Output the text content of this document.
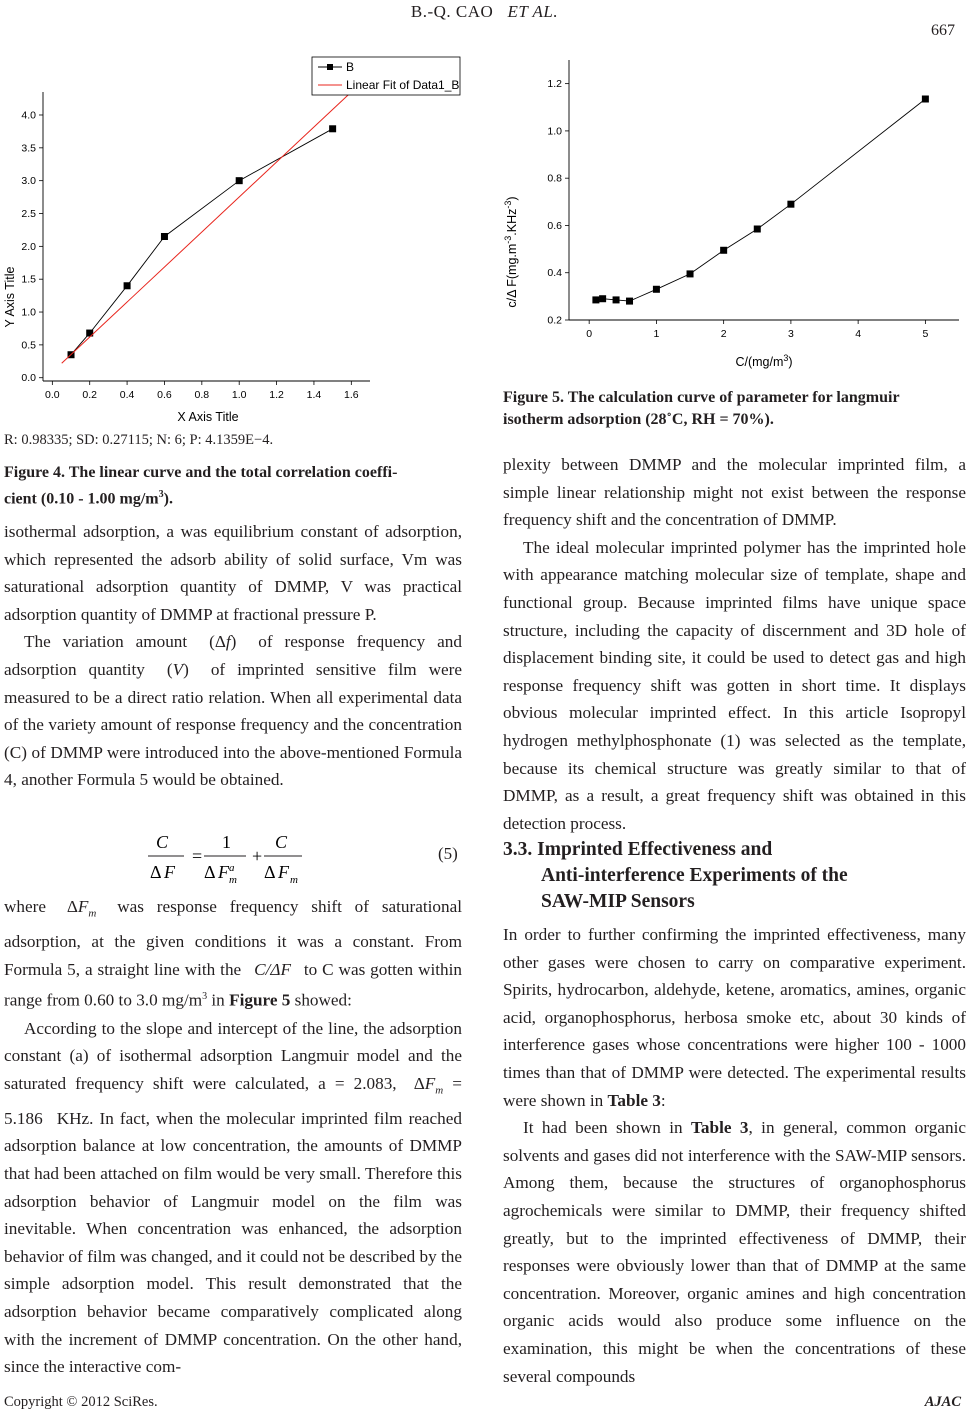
B.-Q. CAO ET AL.
667
0.0 0.2 0.4 0.6 0.8 1.0 1.2 1.4 1.6
0.0
0.5
1.0
1.5
2.0
2.5
3.0
3.5
4.0
B
Linear Fit of Data1_B
X Axis Title
Y Axis Title
R: 0.98335; SD: 0.27115; N: 6; P: 4.1359E−4.
Figure 4. The linear curve and the total correlation coeffi-
cient (0.10 - 1.00 $mg/m^3$).

isothermal adsorption, a was equilibrium constant of adsorption, which represented the adsorb ability of solid surface, Vm was saturational adsorption quantity of DMMP, V was practical adsorption quantity of DMMP at fractional pressure P.

The variation amount (Δf) of response frequency and adsorption quantity (V) of imprinted sensitive film were measured to be a direct ratio relation. When all experimental data of the variety amount of response frequency and the concentration (C) of DMMP were introduced into the above-mentioned Formula 4, another Formula 5 would be obtained.

C
Δ F
=
1
Δ F a
m
+
C
Δ F m
(5)

where $\Delta F_m$ was response frequency shift of saturational adsorption, at the given conditions it was a constant. From Formula 5, a straight line with the C/ΔF to C was gotten within range from 0.60 to 3.0 $mg/m^3$ in Figure 5 showed:

According to the slope and intercept of the line, the adsorption constant (a) of isothermal adsorption Langmuir model and the saturated frequency shift were calculated, a = 2.083, $\Delta F_m = 5.186$ KHz. In fact, when the molecular imprinted film reached adsorption balance at low concentration, the amounts of DMMP that had been attached on film would be very small. Therefore this adsorption behavior of Langmuir model on the film was inevitable. When concentration was enhanced, the adsorption behavior of film was changed, and it could not be described by the simple adsorption model. This result demonstrated that the adsorption behavior became comparatively complicated along with the increment of DMMP concentration. On the other hand, since the interactive com-

0	1	2	3	4	5
0.2
0.4
0.6
0.8
1.0
1.2
$C/(mg/m^3)$
c/Δ $F(mg.m^{-3}.KHz^{-3})$
Figure 5. The calculation curve of parameter for langmuir
isotherm adsorption (28˚C, RH = 70%).

plexity between DMMP and the molecular imprinted film, a simple linear relationship might not exist between the response frequency shift and the concentration of DMMP.

The ideal molecular imprinted polymer has the imprinted hole with appearance matching molecular size of template, shape and functional group. Because imprinted films have unique space structure, including the capacity of discernment and 3D hole of displacement binding site, it could be used to detect gas and high response frequency shift was gotten in short time. It displays obvious molecular imprinted effect. In this article Isopropyl hydrogen methylphosphonate (1) was selected as the template, because its chemical structure was greatly similar to that of DMMP, as a result, a great frequency shift was obtained in this detection process.

3.3. Imprinted Effectiveness and
Anti-interference Experiments of the
SAW-MIP Sensors

In order to further confirming the imprinted effectiveness, many other gases were chosen to carry on comparative experiment. Spirits, hydrocarbon, aldehyde, ketene, aromatics, amines, organic acid, organophosphorus, herbosa smoke etc, about 30 kinds of interference gases whose concentrations were higher 100 - 1000 times than that of DMMP were detected. The experimental results were shown in Table 3:

It had been shown in Table 3, in general, common organic solvents and gases did not interference with the SAW-MIP sensors. Among them, because the structures of organophosphorus agrochemicals were similar to DMMP, their frequency shifted greatly, but to the imprinted effectiveness of DMMP, their responses were obviously lower than that of DMMP at the same concentration. Moreover, organic amines and high concentration organic acids would also produce some influence on the examination, this might be when the concentrations of these several compounds

Copyright © 2012 SciRes.	AJAC
